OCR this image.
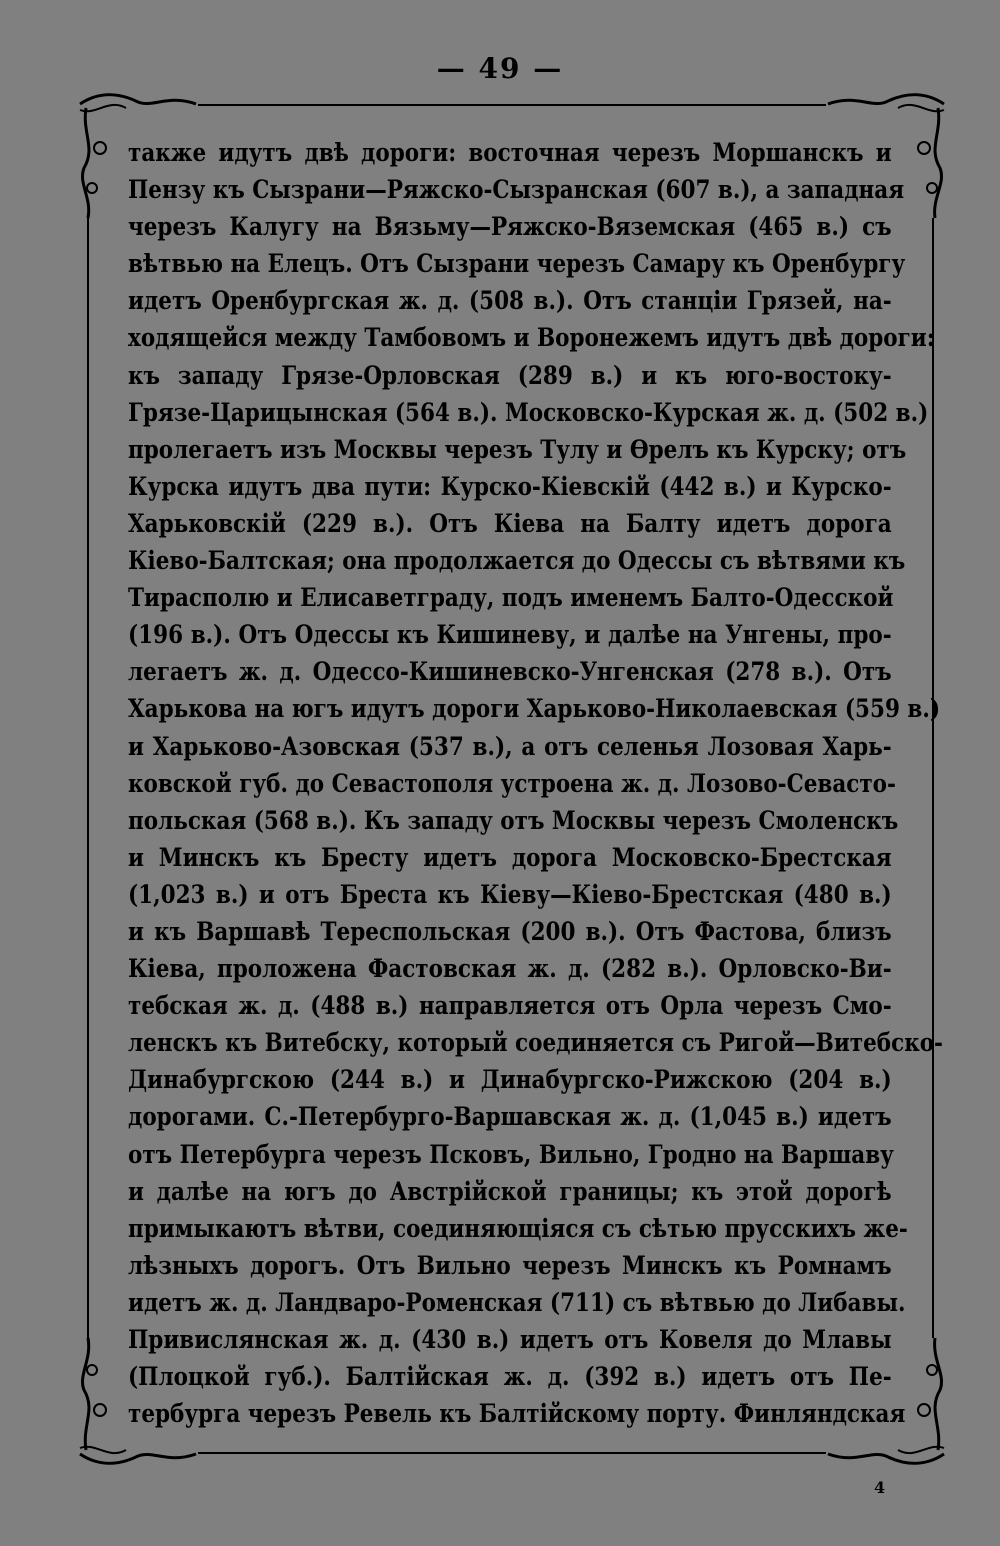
— 49 —
также идутъ двѣ дороги: восточная черезъ Моршанскъ и
Пензу къ Сызрани—Ряжско-Сызранская (607 в.), а западная
черезъ Калугу на Вязьму—Ряжско-Вяземская (465 в.) съ
вѣтвью на Елецъ. Отъ Сызрани черезъ Самару къ Оренбургу
идетъ Оренбургская ж. д. (508 в.). Отъ станціи Грязей, на-
ходящейся между Тамбовомъ и Воронежемъ идутъ двѣ дороги:
къ западу Грязе-Орловская (289 в.) и къ юго-востоку-
Грязе-Царицынская (564 в.). Московско-Курская ж. д. (502 в.)
пролегаетъ изъ Москвы черезъ Тулу и Ѳрелъ къ Курску; отъ
Курска идутъ два пути: Курско-Кіевскій (442 в.) и Курско-
Харьковскій (229 в.). Отъ Кіева на Балту идетъ дорога
Кіево-Балтская; она продолжается до Одессы съ вѣтвями къ
Тирасполю и Елисаветграду, подъ именемъ Балто-Одесской
(196 в.). Отъ Одессы къ Кишиневу, и далѣе на Унгены, про-
легаетъ ж. д. Одессо-Кишиневско-Унгенская (278 в.). Отъ
Харькова на югъ идутъ дороги Харьково-Николаевская (559 в.)
и Харьково-Азовская (537 в.), а отъ селенья Лозовая Харь-
ковской губ. до Севастополя устроена ж. д. Лозово-Севасто-
польская (568 в.). Къ западу отъ Москвы черезъ Смоленскъ
и Минскъ къ Бресту идетъ дорога Московско-Брестская
(1,023 в.) и отъ Бреста къ Кіеву—Кіево-Брестская (480 в.)
и къ Варшавѣ Тереспольская (200 в.). Отъ Фастова, близъ
Кіева, проложена Фастовская ж. д. (282 в.). Орловско-Ви-
тебская ж. д. (488 в.) направляется отъ Орла черезъ Смо-
ленскъ къ Витебску, который соединяется съ Ригой—Витебско-
Динабургскою (244 в.) и Динабургско-Рижскою (204 в.)
дорогами. С.-Петербурго-Варшавская ж. д. (1,045 в.) идетъ
отъ Петербурга черезъ Псковъ, Вильно, Гродно на Варшаву
и далѣе на югъ до Австрійской границы; къ этой дорогѣ
примыкаютъ вѣтви, соединяющіяся съ сѣтью прусскихъ же-
лѣзныхъ дорогъ. Отъ Вильно черезъ Минскъ къ Ромнамъ
идетъ ж. д. Ландваро-Роменская (711) съ вѣтвью до Либавы.
Привислянская ж. д. (430 в.) идетъ отъ Ковеля до Млавы
(Плоцкой губ.). Балтійская ж. д. (392 в.) идетъ отъ Пе-
тербурга черезъ Ревель къ Балтійскому порту. Финляндская
4
